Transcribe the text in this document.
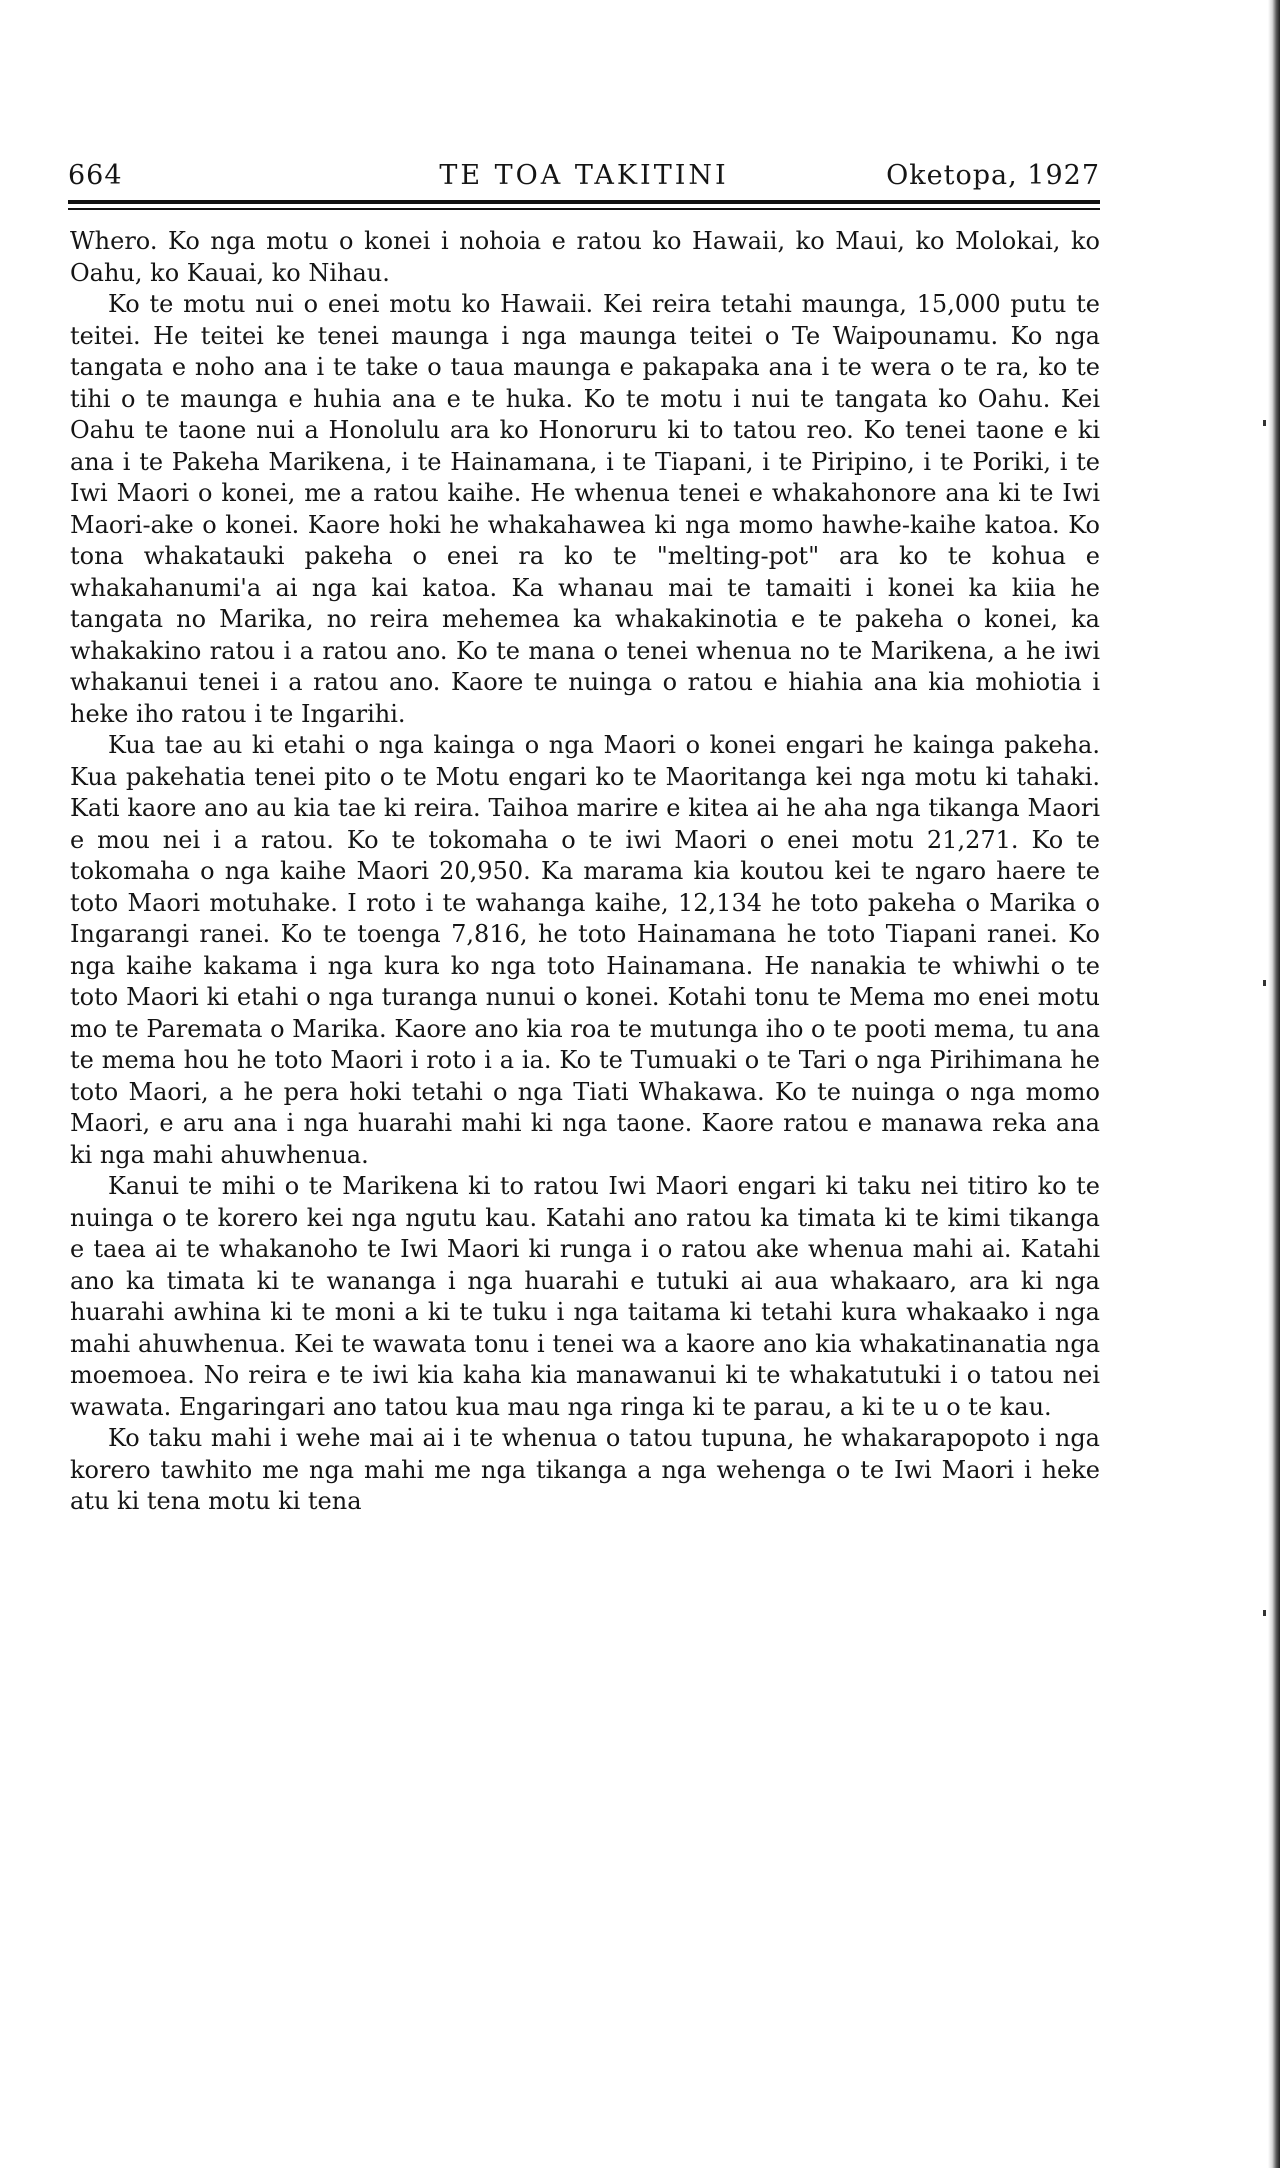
664	TE TOA TAKITINI	Oketopa, 1927

Whero. Ko nga motu o konei i nohoia e ratou ko Hawaii, ko Maui, ko Molokai, ko Oahu, ko Kauai, ko Nihau.

Ko te motu nui o enei motu ko Hawaii. Kei reira tetahi maunga, 15,000 putu te teitei. He teitei ke tenei maunga i nga maunga teitei o Te Waipounamu. Ko nga tangata e noho ana i te take o taua maunga e pakapaka ana i te wera o te ra, ko te tihi o te maunga e huhia ana e te huka. Ko te motu i nui te tangata ko Oahu. Kei Oahu te taone nui a Honolulu ara ko Honoruru ki to tatou reo. Ko tenei taone e ki ana i te Pakeha Marikena, i te Hainamana, i te Tiapani, i te Piripino, i te Poriki, i te Iwi Maori o konei, me a ratou kaihe. He whenua tenei e whakahonore ana ki te Iwi Maori-ake o konei. Kaore hoki he whakahawea ki nga momo hawhe-kaihe katoa. Ko tona whakatauki pakeha o enei ra ko te "melting-pot" ara ko te kohua e whakahanumi'a ai nga kai katoa. Ka whanau mai te tamaiti i konei ka kiia he tangata no Marika, no reira mehemea ka whakakinotia e te pakeha o konei, ka whakakino ratou i a ratou ano. Ko te mana o tenei whenua no te Marikena, a he iwi whakanui tenei i a ratou ano. Kaore te nuinga o ratou e hiahia ana kia mohiotia i heke iho ratou i te Ingarihi.

Kua tae au ki etahi o nga kainga o nga Maori o konei engari he kainga pakeha. Kua pakehatia tenei pito o te Motu engari ko te Maoritanga kei nga motu ki tahaki. Kati kaore ano au kia tae ki reira. Taihoa marire e kitea ai he aha nga tikanga Maori e mou nei i a ratou. Ko te tokomaha o te iwi Maori o enei motu 21,271. Ko te tokomaha o nga kaihe Maori 20,950. Ka marama kia koutou kei te ngaro haere te toto Maori motuhake. I roto i te wahanga kaihe, 12,134 he toto pakeha o Marika o Ingarangi ranei. Ko te toenga 7,816, he toto Hainamana he toto Tiapani ranei. Ko nga kaihe kakama i nga kura ko nga toto Hainamana. He nanakia te whiwhi o te toto Maori ki etahi o nga turanga nunui o konei. Kotahi tonu te Mema mo enei motu mo te Paremata o Marika. Kaore ano kia roa te mutunga iho o te pooti mema, tu ana te mema hou he toto Maori i roto i a ia. Ko te Tumuaki o te Tari o nga Pirihimana he toto Maori, a he pera hoki tetahi o nga Tiati Whakawa. Ko te nuinga o nga momo Maori, e aru ana i nga huarahi mahi ki nga taone. Kaore ratou e manawa reka ana ki nga mahi ahuwhenua.

Kanui te mihi o te Marikena ki to ratou Iwi Maori engari ki taku nei titiro ko te nuinga o te korero kei nga ngutu kau. Katahi ano ratou ka timata ki te kimi tikanga e taea ai te whakanoho te Iwi Maori ki runga i o ratou ake whenua mahi ai. Katahi ano ka timata ki te wananga i nga huarahi e tutuki ai aua whakaaro, ara ki nga huarahi awhina ki te moni a ki te tuku i nga taitama ki tetahi kura whakaako i nga mahi ahuwhenua. Kei te wawata tonu i tenei wa a kaore ano kia whakatinanatia nga moemoea. No reira e te iwi kia kaha kia manawanui ki te whakatutuki i o tatou nei wawata. Engaringari ano tatou kua mau nga ringa ki te parau, a ki te u o te kau.

Ko taku mahi i wehe mai ai i te whenua o tatou tupuna, he whakarapopoto i nga korero tawhito me nga mahi me nga tikanga a nga wehenga o te Iwi Maori i heke atu ki tena motu ki tena
